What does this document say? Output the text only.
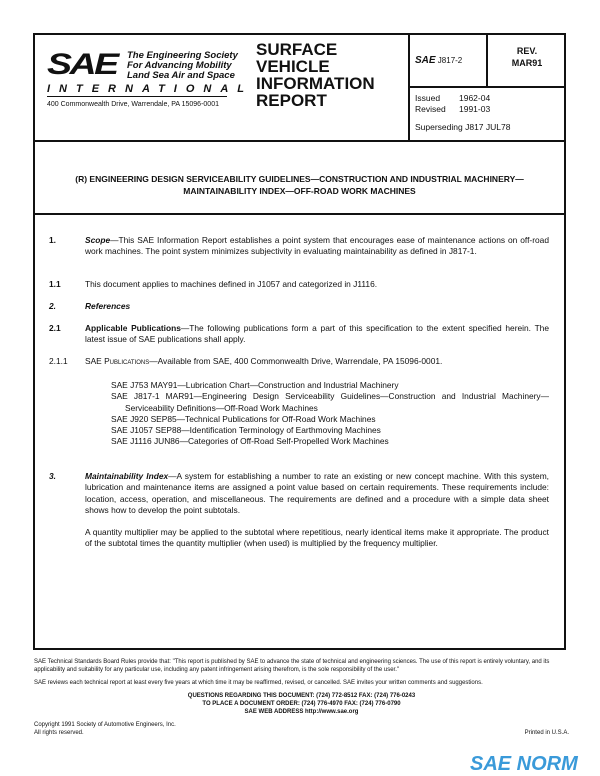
SAE The Engineering Society
For Advancing Mobility
Land Sea Air and Space
INTERNATIONAL
400 Commonwealth Drive, Warrendale, PA 15096-0001
SURFACE
VEHICLE
INFORMATION
REPORT
SAE J817-2
REV.
MAR91
Issued 1962-04
Revised 1991-03
Superseding J817 JUL78
(R) ENGINEERING DESIGN SERVICEABILITY GUIDELINES—CONSTRUCTION AND INDUSTRIAL MACHINERY—MAINTAINABILITY INDEX—OFF-ROAD WORK MACHINES
1.	Scope—This SAE Information Report establishes a point system that encourages ease of maintenance actions on off-road work machines. The point system minimizes subjectivity in evaluating maintainability as defined in J817-1.
1.1	This document applies to machines defined in J1057 and categorized in J1116.
2.	References
2.1	Applicable Publications—The following publications form a part of this specification to the extent specified herein. The latest issue of SAE publications shall apply.
2.1.1 SAE Publications—Available from SAE, 400 Commonwealth Drive, Warrendale, PA 15096-0001.
SAE J753 MAY91—Lubrication Chart—Construction and Industrial Machinery
SAE J817-1 MAR91—Engineering Design Serviceability Guidelines—Construction and Industrial Machinery—Serviceability Definitions—Off-Road Work Machines
SAE J920 SEP85—Technical Publications for Off-Road Work Machines
SAE J1057 SEP88—Identification Terminology of Earthmoving Machines
SAE J1116 JUN86—Categories of Off-Road Self-Propelled Work Machines
3.	Maintainability Index—A system for establishing a number to rate an existing or new concept machine. With this system, lubrication and maintenance items are assigned a point value based on certain requirements. These requirements include: location, access, operation, and miscellaneous. The requirements are defined and a procedure with a simple data sheet shows how to develop the point subtotals.
A quantity multiplier may be applied to the subtotal where repetitious, nearly identical items make it appropriate. The product of the subtotal times the quantity multiplier (when used) is multiplied by the frequency multiplier.
SAE Technical Standards Board Rules provide that: "This report is published by SAE to advance the state of technical and engineering sciences. The use of this report is entirely voluntary, and its applicability and suitability for any particular use, including any patent infringement arising therefrom, is the sole responsibility of the user."
SAE reviews each technical report at least every five years at which time it may be reaffirmed, revised, or cancelled. SAE invites your written comments and suggestions.
QUESTIONS REGARDING THIS DOCUMENT: (724) 772-8512 FAX: (724) 776-0243
TO PLACE A DOCUMENT ORDER: (724) 776-4970 FAX: (724) 776-0790
SAE WEB ADDRESS http://www.sae.org
Copyright 1991 Society of Automotive Engineers, Inc.
Printed in U.S.A.
All rights reserved.
SAE NORM
